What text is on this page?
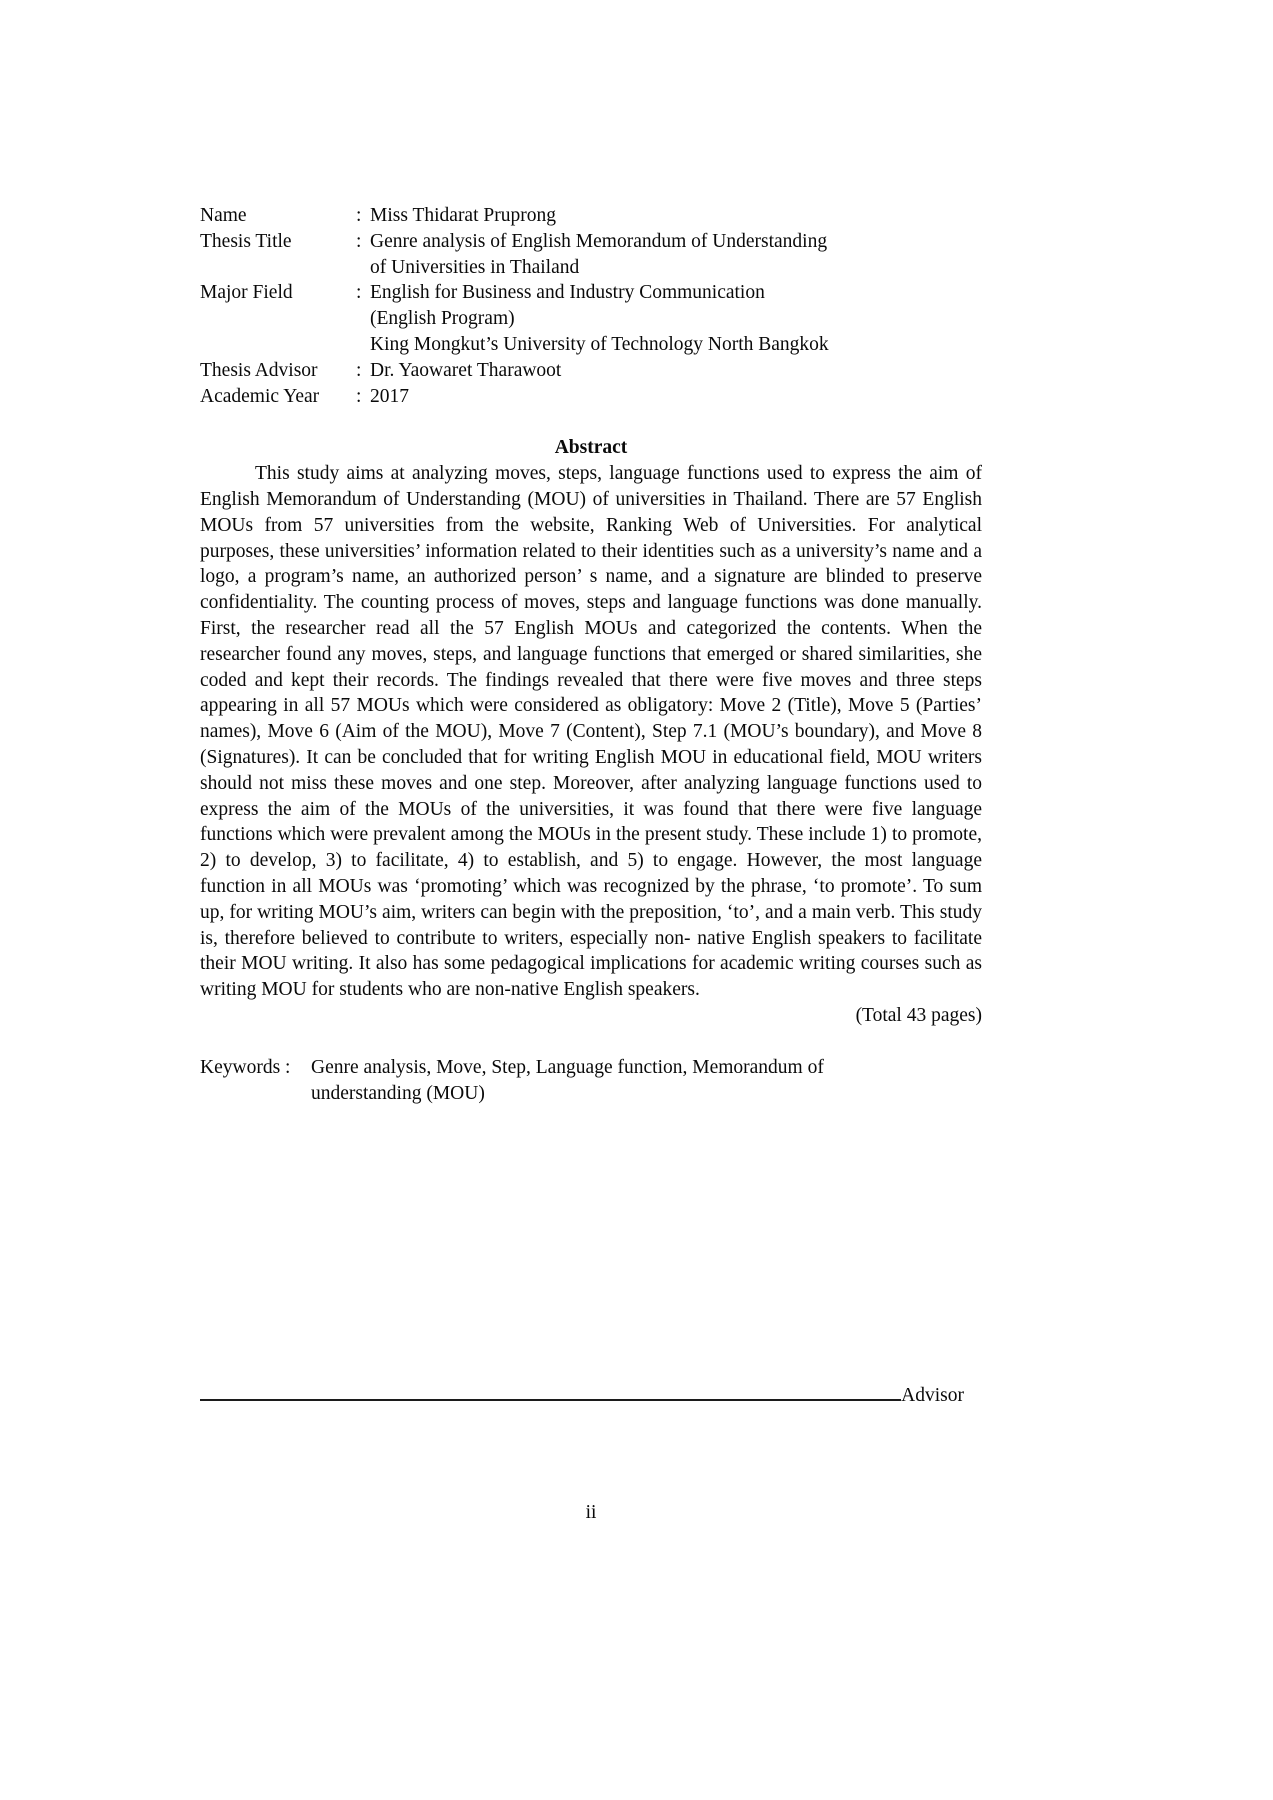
Name	: Miss Thidarat Pruprong
Thesis Title	: Genre analysis of English Memorandum of Understanding
of Universities in Thailand
Major Field	: English for Business and Industry Communication
(English Program)
King Mongkut’s University of Technology North Bangkok
Thesis Advisor	: Dr. Yaowaret Tharawoot
Academic Year	: 2017
Abstract
This study aims at analyzing moves, steps, language functions used to express the aim of English Memorandum of Understanding (MOU) of universities in Thailand. There are 57 English MOUs from 57 universities from the website, Ranking Web of Universities. For analytical purposes, these universities’ information related to their identities such as a university’s name and a logo, a program’s name, an authorized person’ s name, and a signature are blinded to preserve confidentiality. The counting process of moves, steps and language functions was done manually. First, the researcher read all the 57 English MOUs and categorized the contents. When the researcher found any moves, steps, and language functions that emerged or shared similarities, she coded and kept their records. The findings revealed that there were five moves and three steps appearing in all 57 MOUs which were considered as obligatory: Move 2 (Title), Move 5 (Parties’ names), Move 6 (Aim of the MOU), Move 7 (Content), Step 7.1 (MOU’s boundary), and Move 8 (Signatures). It can be concluded that for writing English MOU in educational field, MOU writers should not miss these moves and one step. Moreover, after analyzing language functions used to express the aim of the MOUs of the universities, it was found that there were five language functions which were prevalent among the MOUs in the present study. These include 1) to promote, 2) to develop, 3) to facilitate, 4) to establish, and 5) to engage. However, the most language function in all MOUs was ‘promoting’ which was recognized by the phrase, ‘to promote’. To sum up, for writing MOU’s aim, writers can begin with the preposition, ‘to’, and a main verb. This study is, therefore believed to contribute to writers, especially non- native English speakers to facilitate their MOU writing. It also has some pedagogical implications for academic writing courses such as writing MOU for students who are non-native English speakers.
(Total 43 pages)
Keywords :	Genre analysis, Move, Step, Language function, Memorandum of
understanding (MOU)
Advisor
ii
